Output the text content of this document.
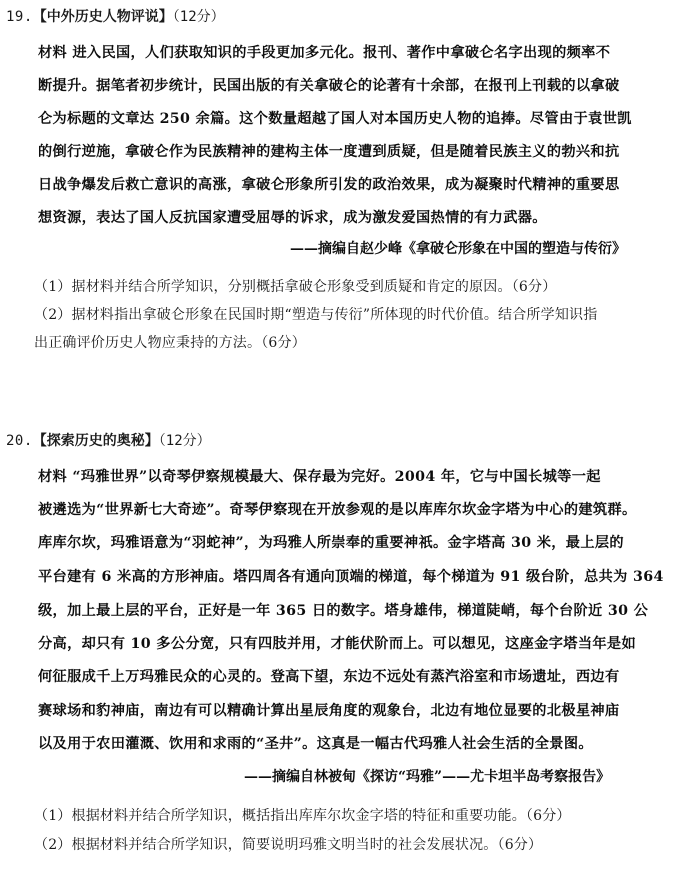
19.【中外历史人物评说】（12分）
材料 进入民国，人们获取知识的手段更加多元化。报刊、著作中拿破仑名字出现的频率不
断提升。据笔者初步统计，民国出版的有关拿破仑的论著有十余部，在报刊上刊载的以拿破
仑为标题的文章达 250 余篇。这个数量超越了国人对本国历史人物的追捧。尽管由于袁世凯
的倒行逆施，拿破仑作为民族精神的建构主体一度遭到质疑，但是随着民族主义的勃兴和抗
日战争爆发后救亡意识的高涨，拿破仑形象所引发的政治效果，成为凝聚时代精神的重要思
想资源，表达了国人反抗国家遭受屈辱的诉求，成为激发爱国热情的有力武器。
——摘编自赵少峰《拿破仑形象在中国的塑造与传衍》
（1）据材料并结合所学知识，分别概括拿破仑形象受到质疑和肯定的原因。（6分）
（2）据材料指出拿破仑形象在民国时期“塑造与传衍”所体现的时代价值。结合所学知识指
出正确评价历史人物应秉持的方法。（6分）
20.【探索历史的奥秘】（12分）
材料 “玛雅世界”以奇琴伊察规模最大、保存最为完好。2004 年，它与中国长城等一起
被遴选为“世界新七大奇迹”。奇琴伊察现在开放参观的是以库库尔坎金字塔为中心的建筑群。
库库尔坎，玛雅语意为“羽蛇神”，为玛雅人所崇奉的重要神祇。金字塔高 30 米，最上层的
平台建有 6 米高的方形神庙。塔四周各有通向顶端的梯道，每个梯道为 91 级台阶，总共为 364
级，加上最上层的平台，正好是一年 365 日的数字。塔身雄伟，梯道陡峭，每个台阶近 30 公
分高，却只有 10 多公分宽，只有四肢并用，才能伏阶而上。可以想见，这座金字塔当年是如
何征服成千上万玛雅民众的心灵的。登高下望，东边不远处有蒸汽浴室和市场遗址，西边有
赛球场和豹神庙，南边有可以精确计算出星辰角度的观象台，北边有地位显要的北极星神庙
以及用于农田灌溉、饮用和求雨的“圣井”。这真是一幅古代玛雅人社会生活的全景图。
——摘编自林被甸《探访“玛雅”——尤卡坦半岛考察报告》
（1）根据材料并结合所学知识，概括指出库库尔坎金字塔的特征和重要功能。（6分）
（2）根据材料并结合所学知识，简要说明玛雅文明当时的社会发展状况。（6分）
